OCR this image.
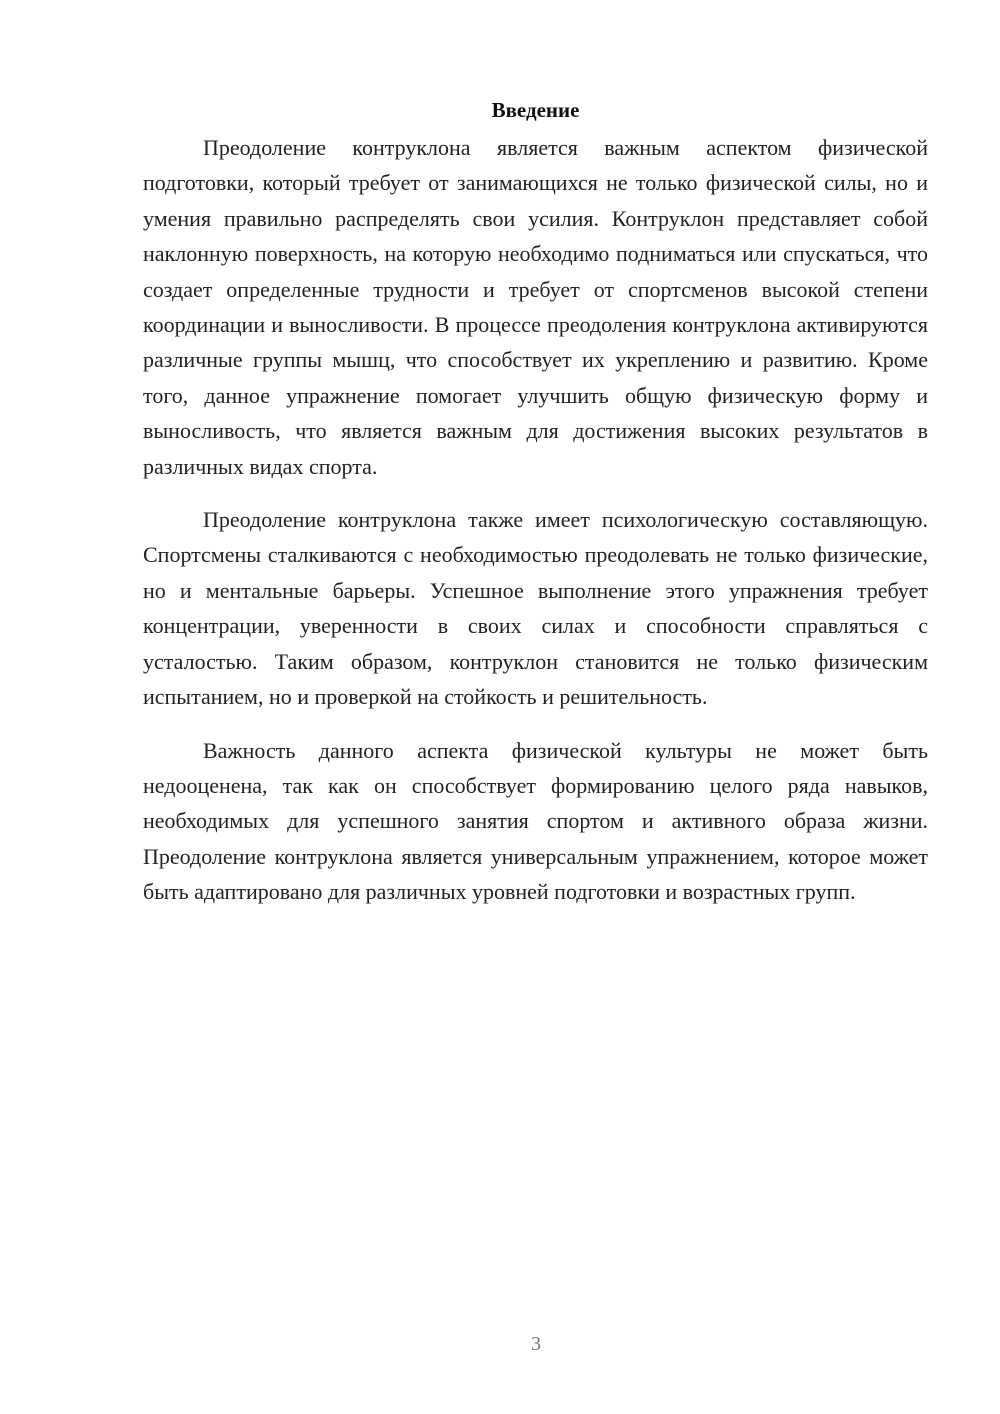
Введение

Преодоление контруклона является важным аспектом физической подготовки, который требует от занимающихся не только физической силы, но и умения правильно распределять свои усилия. Контруклон представляет собой наклонную поверхность, на которую необходимо подниматься или спускаться, что создает определенные трудности и требует от спортсменов высокой степени координации и выносливости. В процессе преодоления контруклона активируются различные группы мышц, что способствует их укреплению и развитию. Кроме того, данное упражнение помогает улучшить общую физическую форму и выносливость, что является важным для достижения высоких результатов в различных видах спорта.

Преодоление контруклона также имеет психологическую составляющую. Спортсмены сталкиваются с необходимостью преодолевать не только физические, но и ментальные барьеры. Успешное выполнение этого упражнения требует концентрации, уверенности в своих силах и способности справляться с усталостью. Таким образом, контруклон становится не только физическим испытанием, но и проверкой на стойкость и решительность.

Важность данного аспекта физической культуры не может быть недооценена, так как он способствует формированию целого ряда навыков, необходимых для успешного занятия спортом и активного образа жизни. Преодоление контруклона является универсальным упражнением, которое может быть адаптировано для различных уровней подготовки и возрастных групп.

3
